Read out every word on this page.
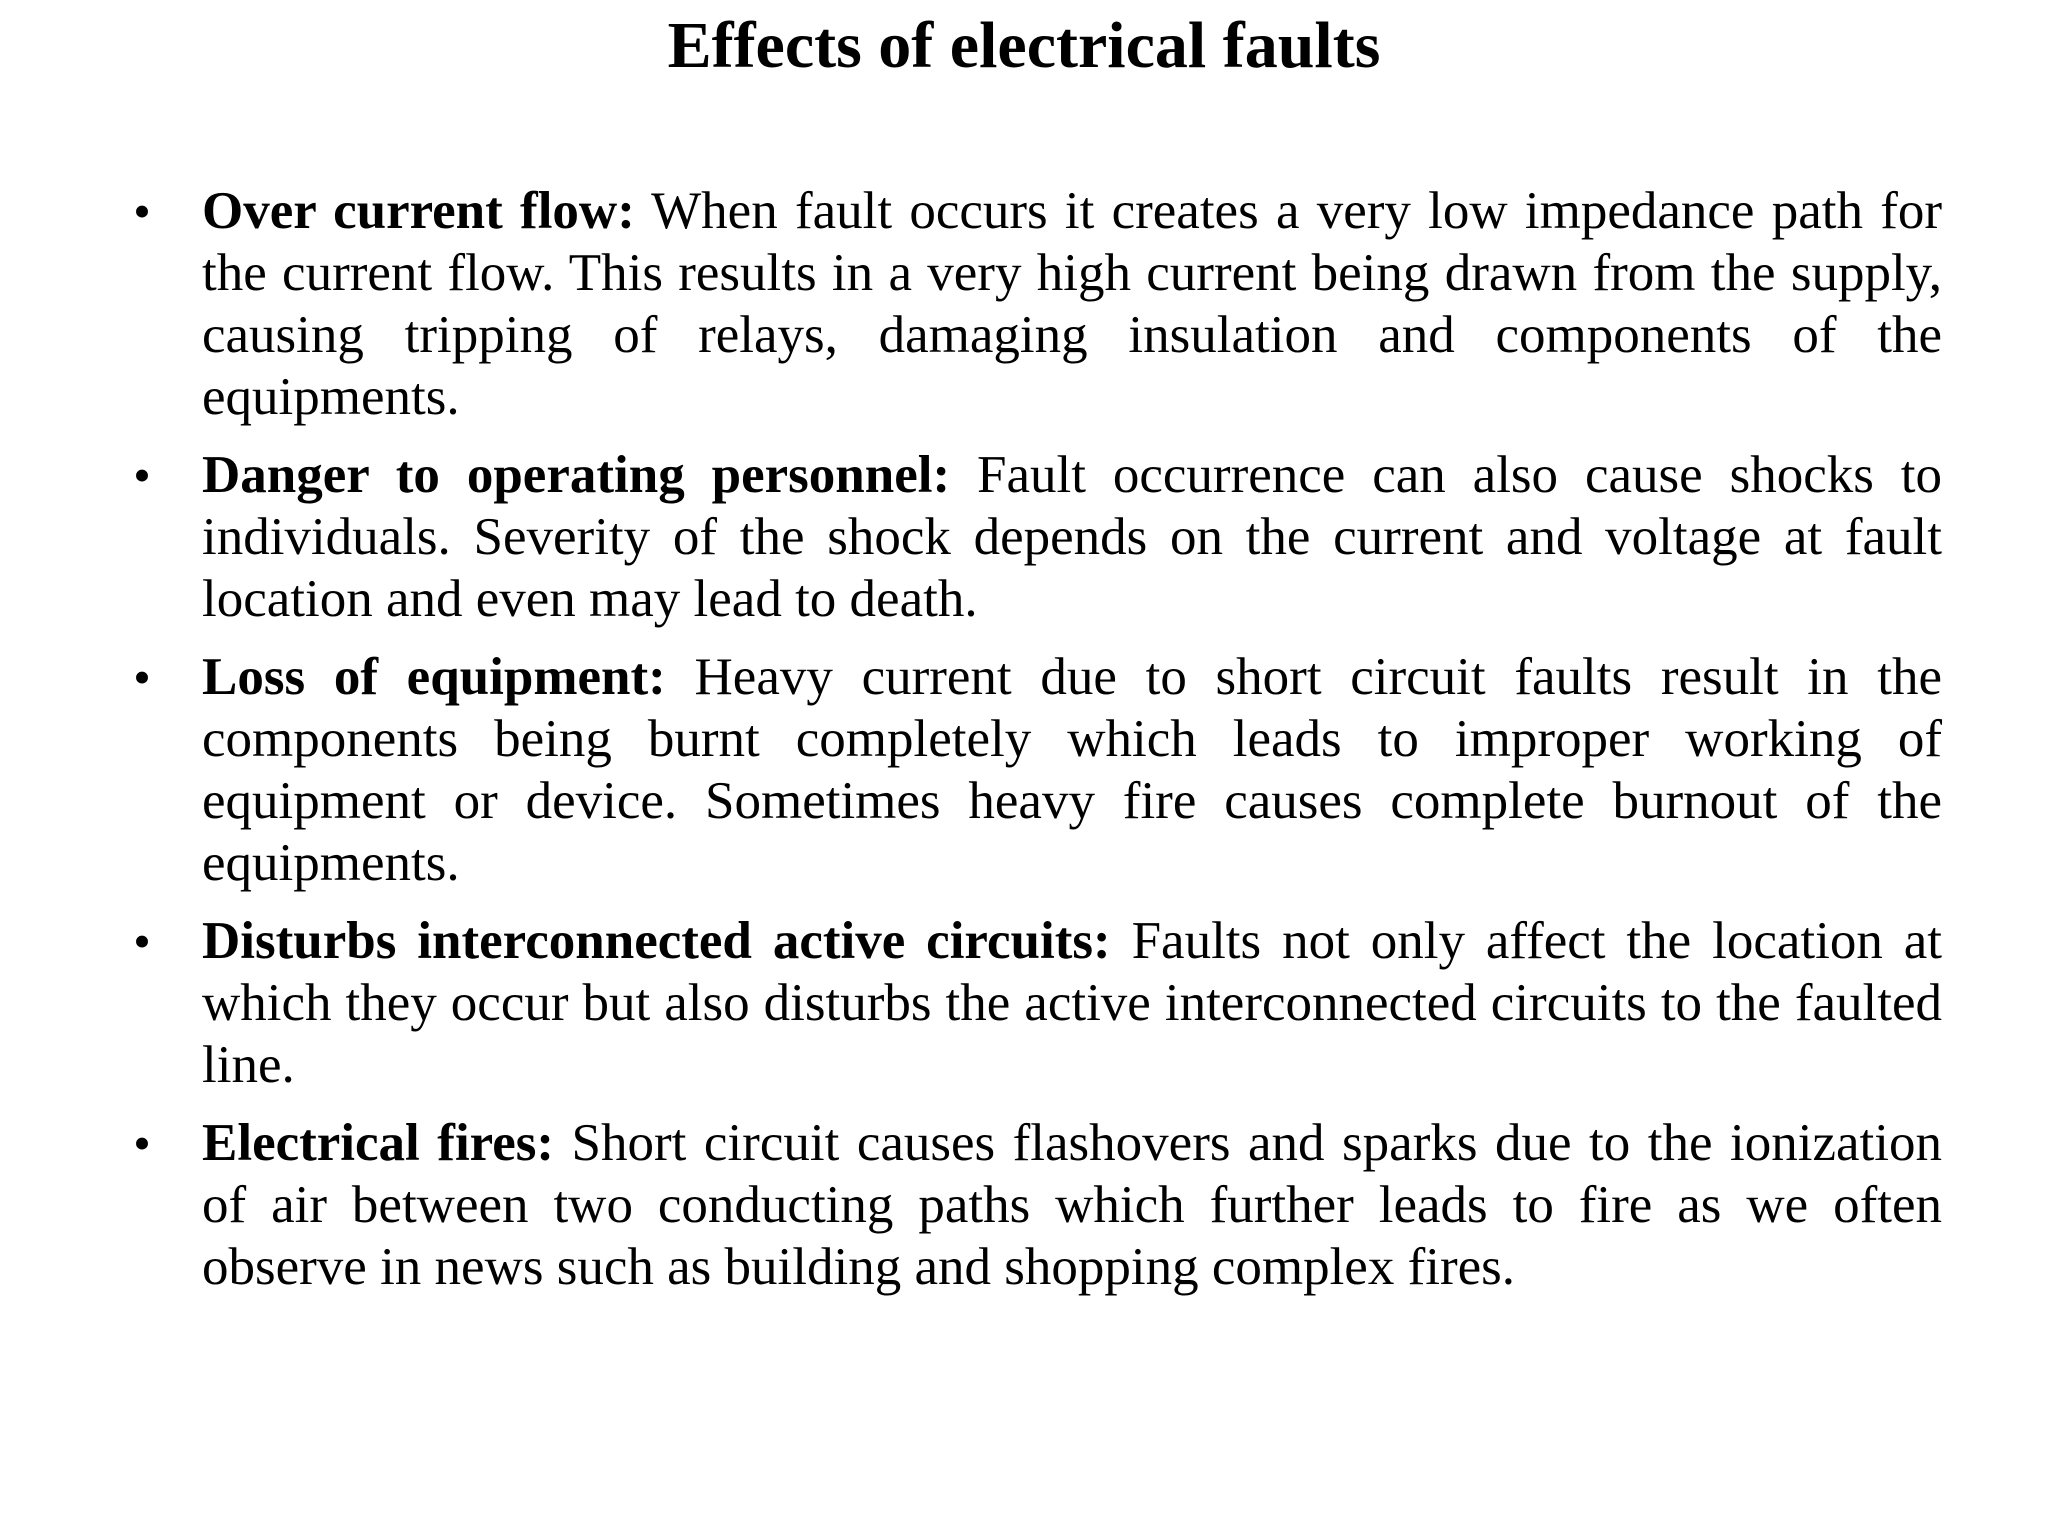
Effects of electrical faults
• Over current flow: When fault occurs it creates a very low impedance path for the current flow. This results in a very high current being drawn from the supply, causing tripping of relays, damaging insulation and components of the equipments.
• Danger to operating personnel: Fault occurrence can also cause shocks to individuals. Severity of the shock depends on the current and voltage at fault location and even may lead to death.
• Loss of equipment: Heavy current due to short circuit faults result in the components being burnt completely which leads to improper working of equipment or device. Sometimes heavy fire causes complete burnout of the equipments.
• Disturbs interconnected active circuits: Faults not only affect the location at which they occur but also disturbs the active interconnected circuits to the faulted line.
• Electrical fires: Short circuit causes flashovers and sparks due to the ionization of air between two conducting paths which further leads to fire as we often observe in news such as building and shopping complex fires.
